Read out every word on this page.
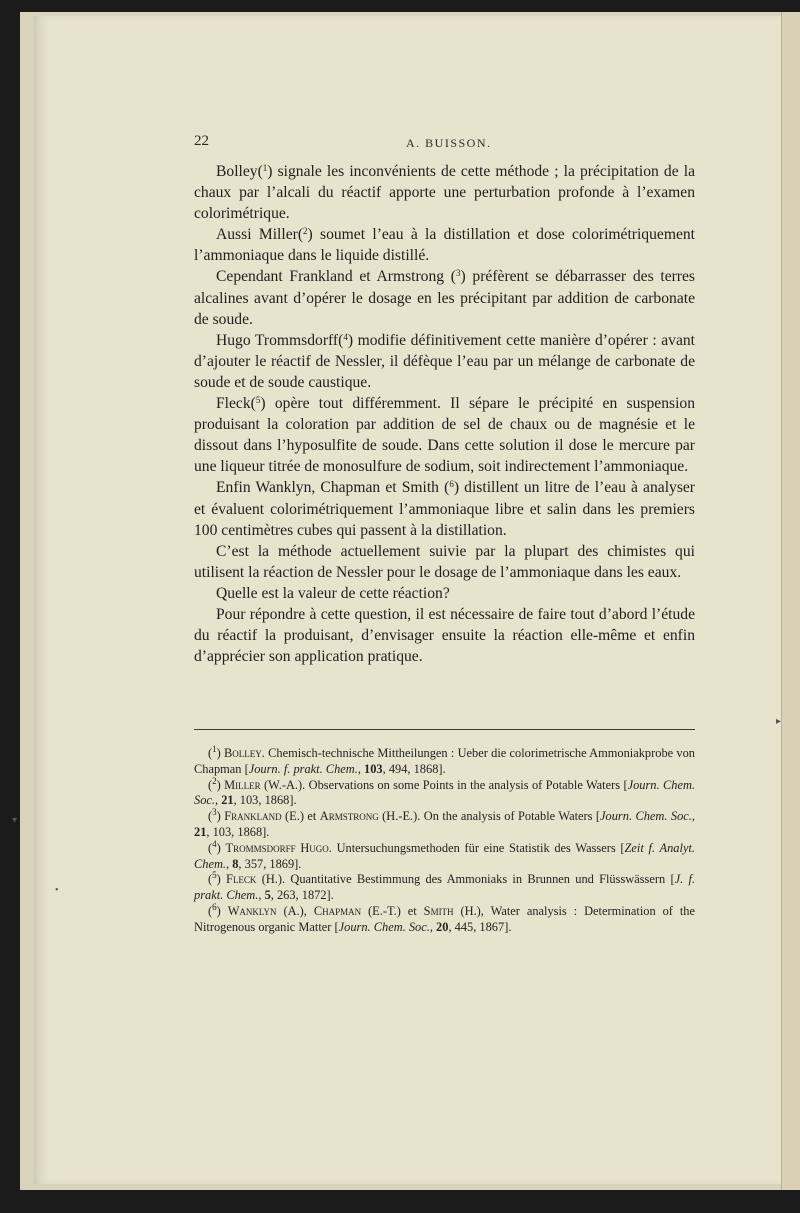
22	A. BUISSON.

Bolley($^1$) signale les inconvénients de cette méthode ; la précipitation de la chaux par l’alcali du réactif apporte une perturbation profonde à l’examen colorimétrique.

Aussi Miller($^2$) soumet l’eau à la distillation et dose colorimétriquement l’ammoniaque dans le liquide distillé.

Cependant Frankland et Armstrong ($^3$) préfèrent se débarrasser des terres alcalines avant d’opérer le dosage en les précipitant par addition de carbonate de soude.

Hugo Trommsdorff($^4$) modifie définitivement cette manière d’opérer : avant d’ajouter le réactif de Nessler, il défèque l’eau par un mélange de carbonate de soude et de soude caustique.

Fleck($^5$) opère tout différemment. Il sépare le précipité en suspension produisant la coloration par addition de sel de chaux ou de magnésie et le dissout dans l’hyposulfite de soude. Dans cette solution il dose le mercure par une liqueur titrée de monosulfure de sodium, soit indirectement l’ammoniaque.

Enfin Wanklyn, Chapman et Smith ($^6$) distillent un litre de l’eau à analyser et évaluent colorimétriquement l’ammoniaque libre et salin dans les premiers 100 centimètres cubes qui passent à la distillation.

C’est la méthode actuellement suivie par la plupart des chimistes qui utilisent la réaction de Nessler pour le dosage de l’ammoniaque dans les eaux.

Quelle est la valeur de cette réaction?

Pour répondre à cette question, il est nécessaire de faire tout d’abord l’étude du réactif la produisant, d’envisager ensuite la réaction elle-même et enfin d’apprécier son application pratique.

($^1$) Bolley. Chemisch-technische Mittheilungen : Ueber die colorimetrische Ammoniakprobe von Chapman [Journ. f. prakt. Chem., 103, 494, 1868].

($^2$) Miller (W.-A.). Observations on some Points in the analysis of Potable Waters [Journ. Chem. Soc., 21, 103, 1868].

($^3$) Frankland (E.) et Armstrong (H.-E.). On the analysis of Potable Waters [Journ. Chem. Soc., 21, 103, 1868].

($^4$) Trommsdorff Hugo. Untersuchungsmethoden für eine Statistik des Wassers [Zeit f. Analyt. Chem., 8, 357, 1869].

($^5$) Fleck (H.). Quantitative Bestimmung des Ammoniaks in Brunnen und Flüsswässern [J. f. prakt. Chem., 5, 263, 1872].

($^6$) Wanklyn (A.), Chapman (E.-T.) et Smith (H.), Water analysis : Determination of the Nitrogenous organic Matter [Journ. Chem. Soc., 20, 445, 1867].

▾
•
▸
